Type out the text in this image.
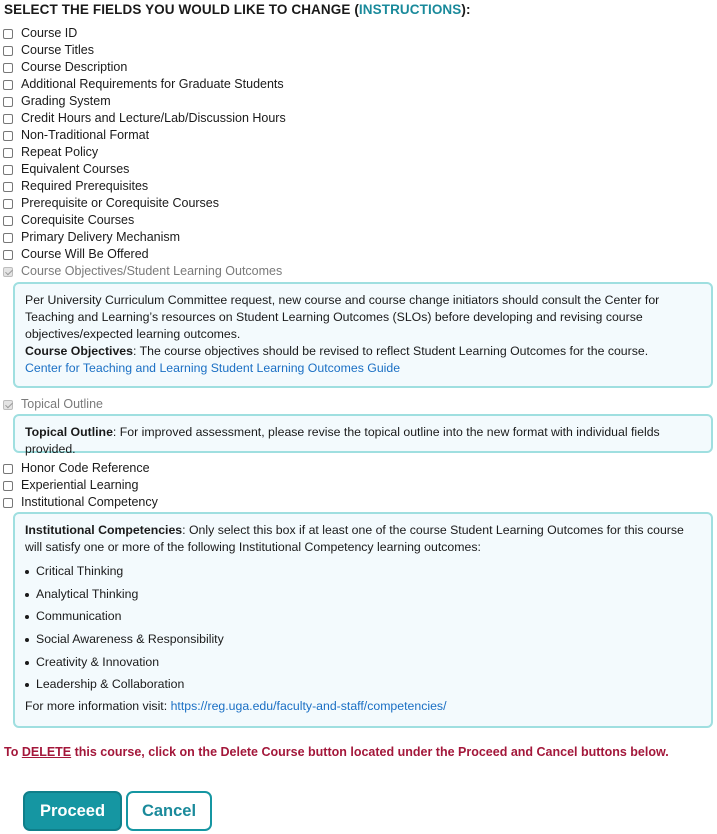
SELECT THE FIELDS YOU WOULD LIKE TO CHANGE (INSTRUCTIONS):
Course ID
Course Titles
Course Description
Additional Requirements for Graduate Students
Grading System
Credit Hours and Lecture/Lab/Discussion Hours
Non-Traditional Format
Repeat Policy
Equivalent Courses
Required Prerequisites
Prerequisite or Corequisite Courses
Corequisite Courses
Primary Delivery Mechanism
Course Will Be Offered
Course Objectives/Student Learning Outcomes
Per University Curriculum Committee request, new course and course change initiators should consult the Center for Teaching and Learning’s resources on Student Learning Outcomes (SLOs) before developing and revising course objectives/expected learning outcomes.
Course Objectives: The course objectives should be revised to reflect Student Learning Outcomes for the course.
Center for Teaching and Learning Student Learning Outcomes Guide
Topical Outline
Topical Outline: For improved assessment, please revise the topical outline into the new format with individual fields provided.
Honor Code Reference
Experiential Learning
Institutional Competency
Institutional Competencies: Only select this box if at least one of the course Student Learning Outcomes for this course will satisfy one or more of the following Institutional Competency learning outcomes:
Critical Thinking
Analytical Thinking
Communication
Social Awareness & Responsibility
Creativity & Innovation
Leadership & Collaboration
For more information visit: https://reg.uga.edu/faculty-and-staff/competencies/
To DELETE this course, click on the Delete Course button located under the Proceed and Cancel buttons below.
Proceed	Cancel
